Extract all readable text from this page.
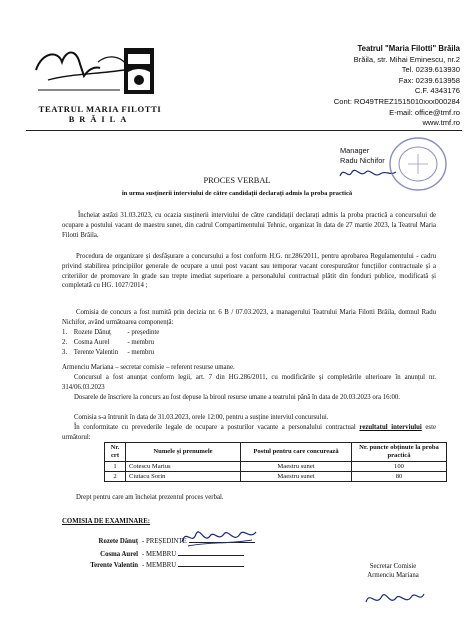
TEATRUL MARIA FILOTTI
BRĂILA
Teatrul "Maria Filotti" Brăila
Brăila, str. Mihai Eminescu, nr.2
Tel. 0239.613930
Fax: 0239.613958
C.F. 4343176
Cont: RO49TREZ1515010xxx000284
E-mail: office@tmf.ro
www.tmf.ro
Manager
Radu Nichifor
PROCES VERBAL
în urma susținerii interviului de către candidații declarați admis la proba practică

Încheiat astăzi 31.03.2023, cu ocazia susținerii interviului de către candidații declarați admis la proba practică a concursului de ocupare a postului vacant de maestru sunet, din cadrul Compartimentului Tehnic, organizat în data de 27 martie 2023, la Teatrul Maria Filotti Brăila.

Procedura de organizare și desfășurare a concursului a fost conform H.G. nr.286/2011, pentru aprobarea Regulamentului - cadru privind stabilirea principiilor generale de ocupare a unui post vacant sau temporar vacant corespunzător funcțiilor contractuale și a criteriilor de promovare în grade sau trepte imediat superioare a personalului contractual plătit din fonduri publice, modificată și completată cu HG. 1027/2014 ;

Comisia de concurs a fost numită prin decizia nr. 6 B / 07.03.2023, a managerului Teatrului Maria Filotti Brăila, domnul Radu Nichifor, având următoarea componență:

1. Rozete Dănuț - președinte
2. Cosma Aurel	- membru
3. Terente Valentin - membru
Armenciu Mariana – secretar comisie – referent resurse umane.

Concursul a fost anunțat conform legii, art. 7 din HG.286/2011, cu modificările și completările ulterioare în anunțul nr. 314/06.03.2023

Dosarele de înscriere la concurs au fost depuse la biroul resurse umane a teatrului până în data de 20.03.2023 ora 16:00.

Comisia s-a întrunit în data de 31.03.2023, orele 12:00, pentru a susține interviul concursului.

În conformitate cu prevederile legale de ocupare a posturilor vacante a personalului contractual rezultatul interviului este următorul:

Nr. crt	Numele și prenumele	Postul pentru care concurează	Nr. puncte obținute la proba practică
1	Cotescu Marius	Maestru sunet	100
2	Ciutacu Sorin	Maestru sunet	80
Drept pentru care am încheiat prezentul proces verbal.
COMISIA DE EXAMINARE:
Rozete Dănuț - PREȘEDINTE
Cosma Aurel - MEMBRU
Terente Valentin - MEMBRU	Secretar Comisie
Armenciu Mariana
